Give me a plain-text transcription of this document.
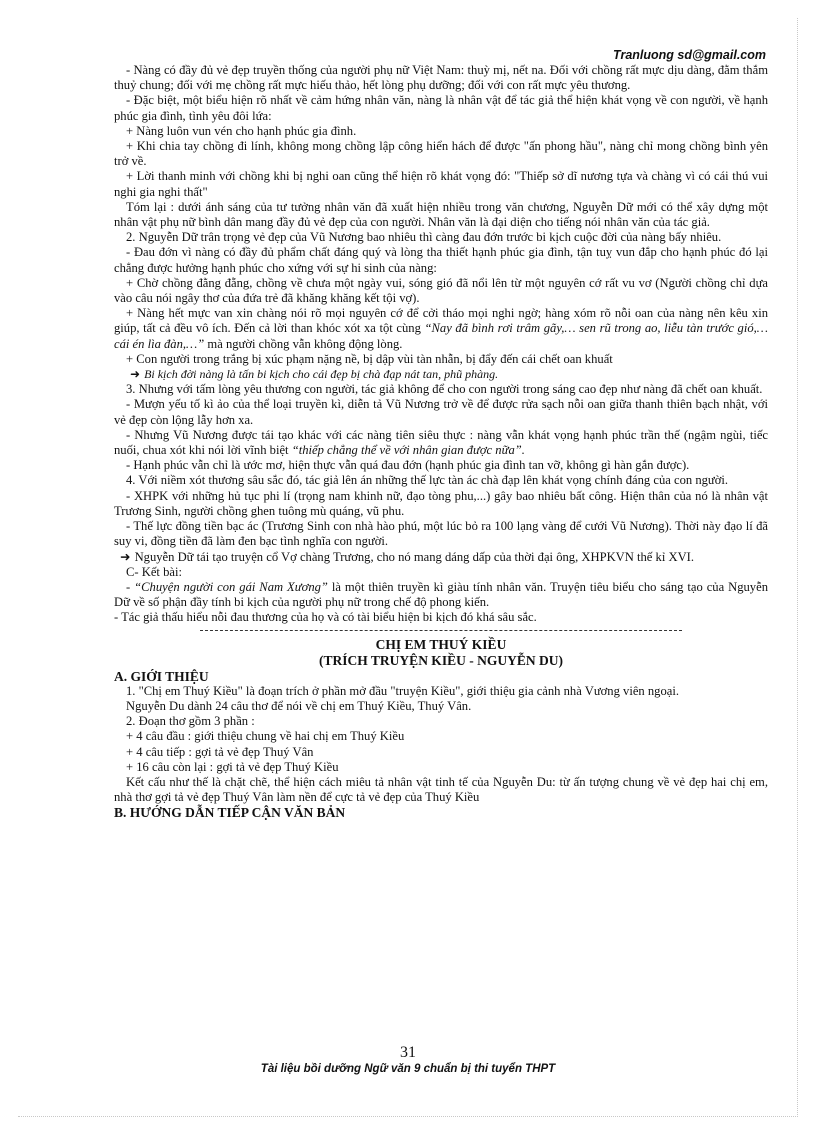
Tranluong sd@gmail.com

- Nàng có đầy đủ vẻ đẹp truyền thống của người phụ nữ Việt Nam: thuỳ mị, nết na. Đối với chồng rất mực dịu dàng, đằm thắm thuỷ chung; đối với mẹ chồng rất mực hiếu thảo, hết lòng phụ dưỡng; đối với con rất mực yêu thương.

- Đặc biệt, một biểu hiện rõ nhất về cảm hứng nhân văn, nàng là nhân vật để tác giả thể hiện khát vọng về con người, về hạnh phúc gia đình, tình yêu đôi lứa:

+ Nàng luôn vun vén cho hạnh phúc gia đình.

+ Khi chia tay chồng đi lính, không mong chồng lập công hiển hách để được "ấn phong hầu", nàng chỉ mong chồng bình yên trở về.

+ Lời thanh minh với chồng khi bị nghi oan cũng thể hiện rõ khát vọng đó: "Thiếp sở dĩ nương tựa và chàng vì có cái thú vui nghi gia nghi thất"

Tóm lại : dưới ánh sáng của tư tưởng nhân văn đã xuất hiện nhiều trong văn chương, Nguyễn Dữ mới có thể xây dựng một nhân vật phụ nữ bình dân mang đầy đủ vẻ đẹp của con người. Nhân văn là đại diện cho tiếng nói nhân văn của tác giả.

2. Nguyễn Dữ trân trọng vẻ đẹp của Vũ Nương bao nhiêu thì càng đau đớn trước bi kịch cuộc đời của nàng bấy nhiêu.

- Đau đớn vì nàng có đầy đủ phẩm chất đáng quý và lòng tha thiết hạnh phúc gia đình, tận tuỵ vun đắp cho hạnh phúc đó lại chẳng được hưởng hạnh phúc cho xứng với sự hi sinh của nàng:

+ Chờ chồng đằng đẵng, chồng về chưa một ngày vui, sóng gió đã nổi lên từ một nguyên cớ rất vu vơ (Người chồng chỉ dựa vào câu nói ngây thơ của đứa trẻ đã khăng khăng kết tội vợ).

+ Nàng hết mực van xin chàng nói rõ mọi nguyên cớ để cởi tháo mọi nghi ngờ; hàng xóm rõ nỗi oan của nàng nên kêu xin giúp, tất cả đều vô ích. Đến cả lời than khóc xót xa tột cùng “Nay đã bình rơi trâm gãy,… sen rũ trong ao, liễu tàn trước gió,… cái én lìa đàn,…” mà người chồng vẫn không động lòng.

+ Con người trong trắng bị xúc phạm nặng nề, bị dập vùi tàn nhẫn, bị đẩy đến cái chết oan khuất

➜ Bi kịch đời nàng là tấn bi kịch cho cái đẹp bị chà đạp nát tan, phũ phàng.

3. Nhưng với tấm lòng yêu thương con người, tác giả không để cho con người trong sáng cao đẹp như nàng đã chết oan khuất.

- Mượn yếu tố kì ảo của thể loại truyền kì, diễn tả Vũ Nương trở về để được rửa sạch nỗi oan giữa thanh thiên bạch nhật, với vẻ đẹp còn lộng lẫy hơn xa.

- Nhưng Vũ Nương được tái tạo khác với các nàng tiên siêu thực : nàng vẫn khát vọng hạnh phúc trần thế (ngậm ngùi, tiếc nuối, chua xót khi nói lời vĩnh biệt “thiếp chẳng thể về với nhân gian được nữa”.

- Hạnh phúc vẫn chỉ là ước mơ, hiện thực vẫn quá đau đớn (hạnh phúc gia đình tan vỡ, không gì hàn gắn được).

4. Với niềm xót thương sâu sắc đó, tác giả lên án những thế lực tàn ác chà đạp lên khát vọng chính đáng của con người.

- XHPK với những hủ tục phi lí (trọng nam khinh nữ, đạo tòng phu,...) gây bao nhiêu bất công. Hiện thân của nó là nhân vật Trương Sinh, người chồng ghen tuông mù quáng, vũ phu.

- Thế lực đồng tiền bạc ác (Trương Sinh con nhà hào phú, một lúc bỏ ra 100 lạng vàng để cưới Vũ Nương). Thời này đạo lí đã suy vi, đồng tiền đã làm đen bạc tình nghĩa con người.

➜ Nguyễn Dữ tái tạo truyện cổ Vợ chàng Trương, cho nó mang dáng dấp của thời đại ông, XHPKVN thế kỉ XVI.

C- Kết bài:

- “Chuyện người con gái Nam Xương” là một thiên truyền kì giàu tính nhân văn. Truyện tiêu biểu cho sáng tạo của Nguyễn Dữ về số phận đầy tính bi kịch của người phụ nữ trong chế độ phong kiến.

- Tác giả thấu hiểu nỗi đau thương của họ và có tài biểu hiện bi kịch đó khá sâu sắc.

CHỊ EM THUÝ KIỀU

(TRÍCH TRUYỆN KIỀU - NGUYỄN DU)

A. GIỚI THIỆU

1. "Chị em Thuý Kiều" là đoạn trích ở phần mở đầu "truyện Kiều", giới thiệu gia cảnh nhà Vương viên ngoại.

Nguyễn Du dành 24 câu thơ để nói về chị em Thuý Kiều, Thuý Vân.

2. Đoạn thơ gồm 3 phần :

+ 4 câu đầu : giới thiệu chung về hai chị em Thuý Kiều

+ 4 câu tiếp : gợi tả vẻ đẹp Thuý Vân

+ 16 câu còn lại : gợi tả vẻ đẹp Thuý Kiều

Kết cấu như thế là chặt chẽ, thể hiện cách miêu tả nhân vật tinh tế của Nguyễn Du: từ ấn tượng chung về vẻ đẹp hai chị em, nhà thơ gợi tả vẻ đẹp Thuý Vân làm nền để cực tả vẻ đẹp của Thuý Kiều

B. HƯỚNG DẪN TIẾP CẬN VĂN BẢN

31
Tài liệu bồi dưỡng Ngữ văn 9 chuẩn bị thi tuyển THPT
